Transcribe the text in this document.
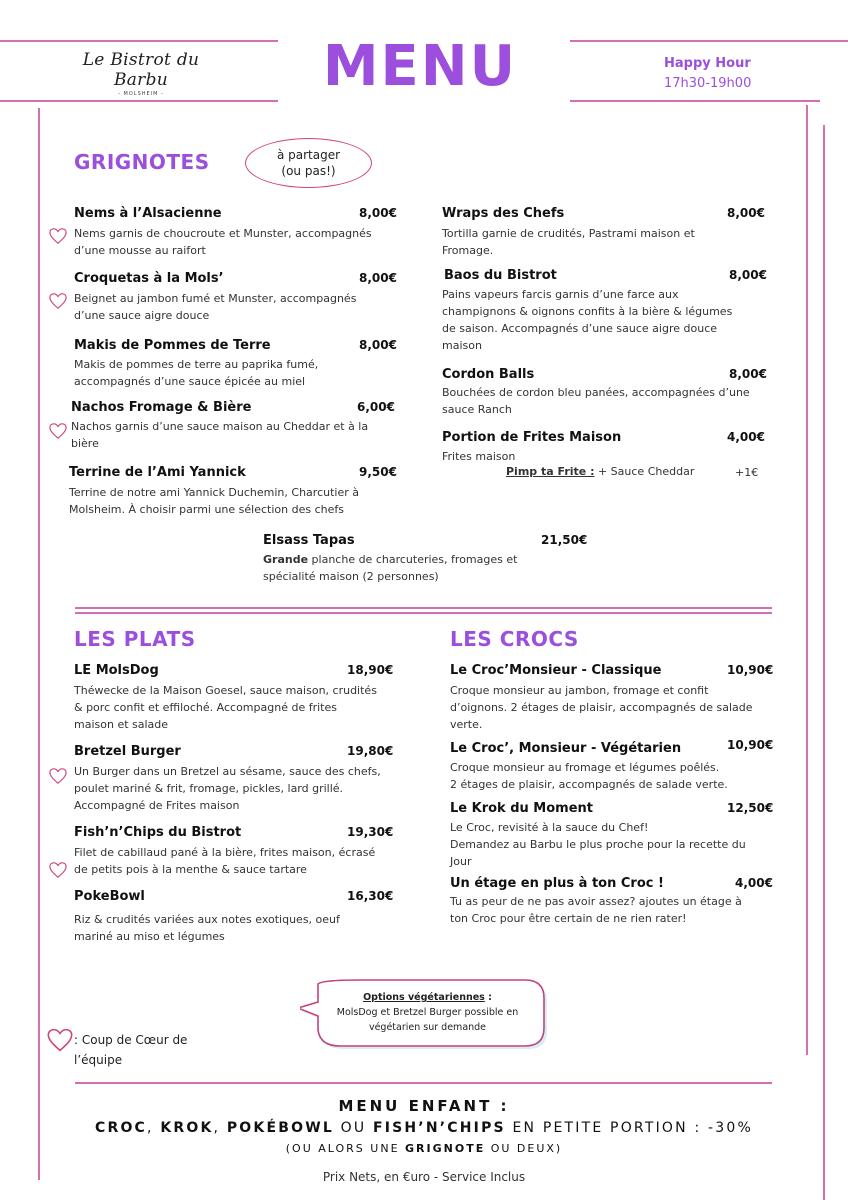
Le Bistrot du Barbu
- MOLSHEIM -	MENU	Happy Hour
17h30-19h00
GRIGNOTES	à partager
(ou pas!)
Nems à l’Alsacienne	8,00€
Nems garnis de choucroute et Munster, accompagnés
d’une mousse au raifort
Croquetas à la Mols’	8,00€
Beignet au jambon fumé et Munster, accompagnés
d’une sauce aigre douce
Makis de Pommes de Terre	8,00€
Makis de pommes de terre au paprika fumé,
accompagnés d’une sauce épicée au miel
Nachos Fromage & Bière	6,00€
Nachos garnis d’une sauce maison au Cheddar et à la
bière
Terrine de l’Ami Yannick	9,50€
Terrine de notre ami Yannick Duchemin, Charcutier à
Molsheim. À choisir parmi une sélection des chefs
Wraps des Chefs	8,00€
Tortilla garnie de crudités, Pastrami maison et
Fromage.
Baos du Bistrot	8,00€
Pains vapeurs farcis garnis d’une farce aux
champignons & oignons confits à la bière & légumes
de saison. Accompagnés d’une sauce aigre douce
maison
Cordon Balls	8,00€
Bouchées de cordon bleu panées, accompagnées d’une
sauce Ranch
Portion de Frites Maison	4,00€
Frites maison
Pimp ta Frite : + Sauce Cheddar	+1€
Elsass Tapas	21,50€
Grande planche de charcuteries, fromages et
spécialité maison (2 personnes)
LES PLATS
LE MolsDog	18,90€
Théwecke de la Maison Goesel, sauce maison, crudités
& porc confit et effiloché. Accompagné de frites
maison et salade
Bretzel Burger	19,80€
Un Burger dans un Bretzel au sésame, sauce des chefs,
poulet mariné & frit, fromage, pickles, lard grillé.
Accompagné de Frites maison
Fish’n’Chips du Bistrot	19,30€
Filet de cabillaud pané à la bière, frites maison, écrasé
de petits pois à la menthe & sauce tartare
PokeBowl	16,30€
Riz & crudités variées aux notes exotiques, oeuf
mariné au miso et légumes
LES CROCS
Le Croc’Monsieur - Classique	10,90€
Croque monsieur au jambon, fromage et confit
d’oignons. 2 étages de plaisir, accompagnés de salade
verte.
Le Croc’, Monsieur - Végétarien	10,90€
Croque monsieur au fromage et légumes poêlés.
2 étages de plaisir, accompagnés de salade verte.
Le Krok du Moment	12,50€
Le Croc, revisité à la sauce du Chef!
Demandez au Barbu le plus proche pour la recette du
Jour
Un étage en plus à ton Croc !	4,00€
Tu as peur de ne pas avoir assez? ajoutes un étage à
ton Croc pour être certain de ne rien rater!
Options végétariennes :
MolsDog et Bretzel Burger possible en
végétarien sur demande
: Coup de Cœur de
l’équipe
MENU ENFANT :
CROC, KROK, POKÉBOWL OU FISH’N’CHIPS EN PETITE PORTION : -30%
(OU ALORS UNE GRIGNOTE OU DEUX)
Prix Nets, en €uro - Service Inclus
